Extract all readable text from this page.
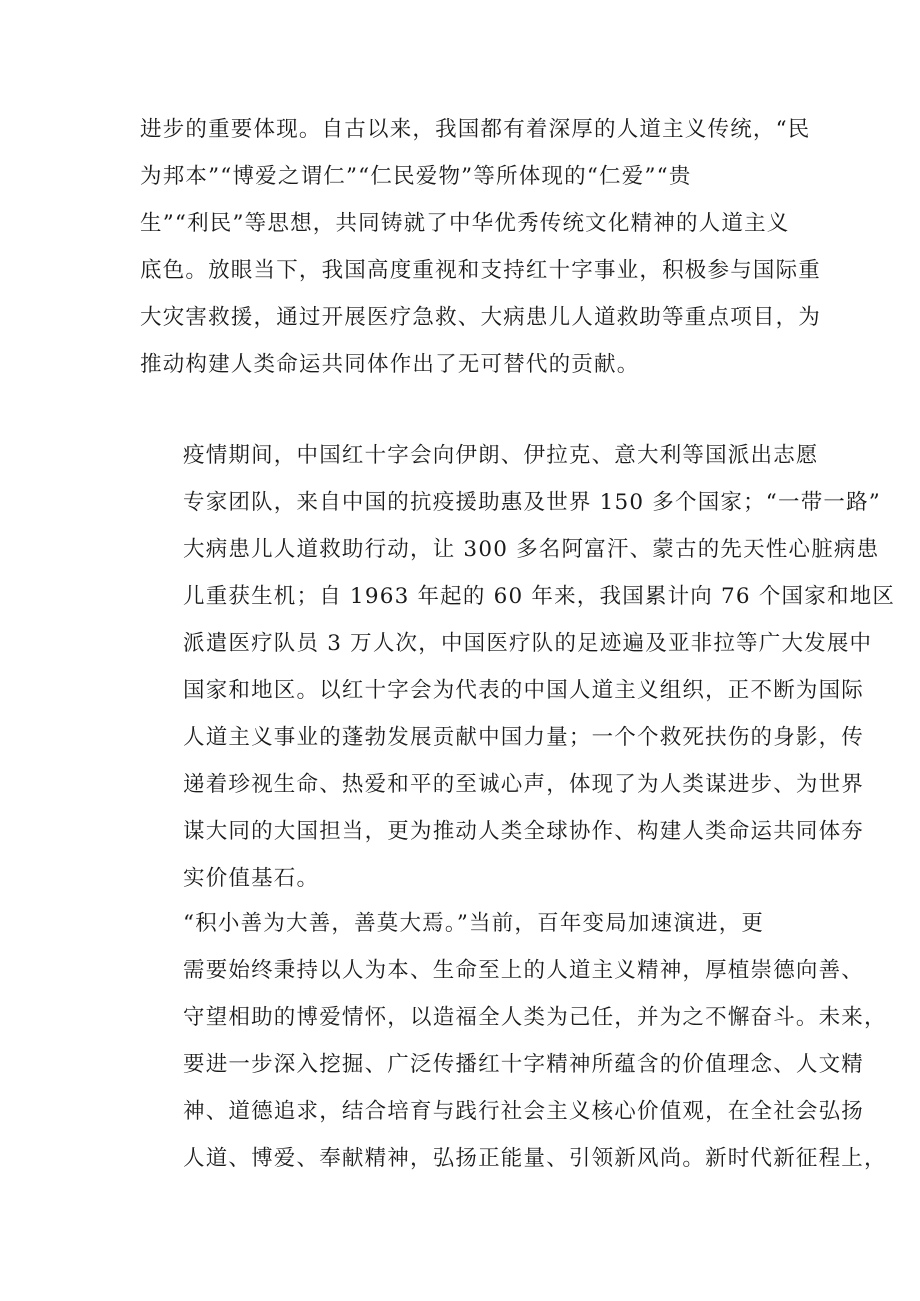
进步的重要体现。自古以来，我国都有着深厚的人道主义传统，“民
为邦本”“博爱之谓仁”“仁民爱物”等所体现的“仁爱”“贵
生”“利民”等思想，共同铸就了中华优秀传统文化精神的人道主义
底色。放眼当下，我国高度重视和支持红十字事业，积极参与国际重
大灾害救援，通过开展医疗急救、大病患儿人道救助等重点项目，为
推动构建人类命运共同体作出了无可替代的贡献。

疫情期间，中国红十字会向伊朗、伊拉克、意大利等国派出志愿
专家团队，来自中国的抗疫援助惠及世界 150 多个国家；“一带一路”
大病患儿人道救助行动，让 300 多名阿富汗、蒙古的先天性心脏病患
儿重获生机；自 1963 年起的 60 年来，我国累计向 76 个国家和地区
派遣医疗队员 3 万人次，中国医疗队的足迹遍及亚非拉等广大发展中
国家和地区。以红十字会为代表的中国人道主义组织，正不断为国际
人道主义事业的蓬勃发展贡献中国力量；一个个救死扶伤的身影，传
递着珍视生命、热爱和平的至诚心声，体现了为人类谋进步、为世界
谋大同的大国担当，更为推动人类全球协作、构建人类命运共同体夯
实价值基石。

“积小善为大善，善莫大焉。”当前，百年变局加速演进，更
需要始终秉持以人为本、生命至上的人道主义精神，厚植崇德向善、
守望相助的博爱情怀，以造福全人类为己任，并为之不懈奋斗。未来，
要进一步深入挖掘、广泛传播红十字精神所蕴含的价值理念、人文精
神、道德追求，结合培育与践行社会主义核心价值观，在全社会弘扬
人道、博爱、奉献精神，弘扬正能量、引领新风尚。新时代新征程上，
